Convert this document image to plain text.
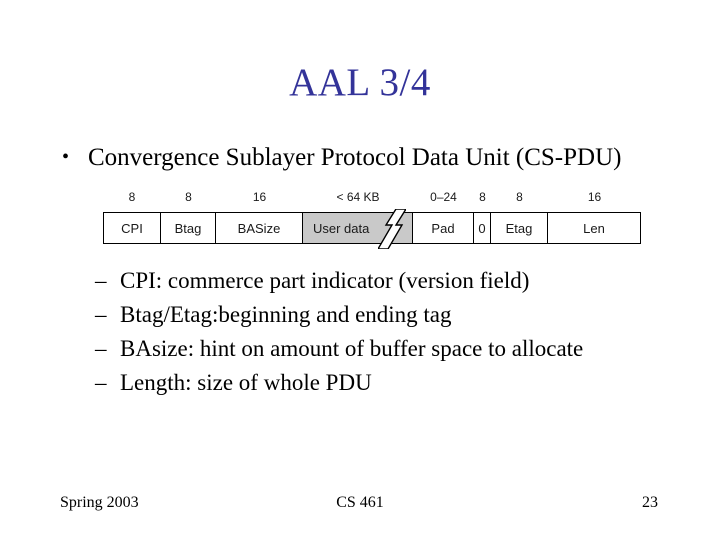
AAL 3/4
• Convergence Sublayer Protocol Data Unit (CS-PDU)
8
CPI
8
Btag
16
BASize
< 64 KB
User data
0–24
Pad
8
0
8
Etag
16
Len
– CPI: commerce part indicator (version field)
– Btag/Etag:beginning and ending tag
– BAsize: hint on amount of buffer space to allocate
– Length: size of whole PDU
Spring 2003	CS 461	23
